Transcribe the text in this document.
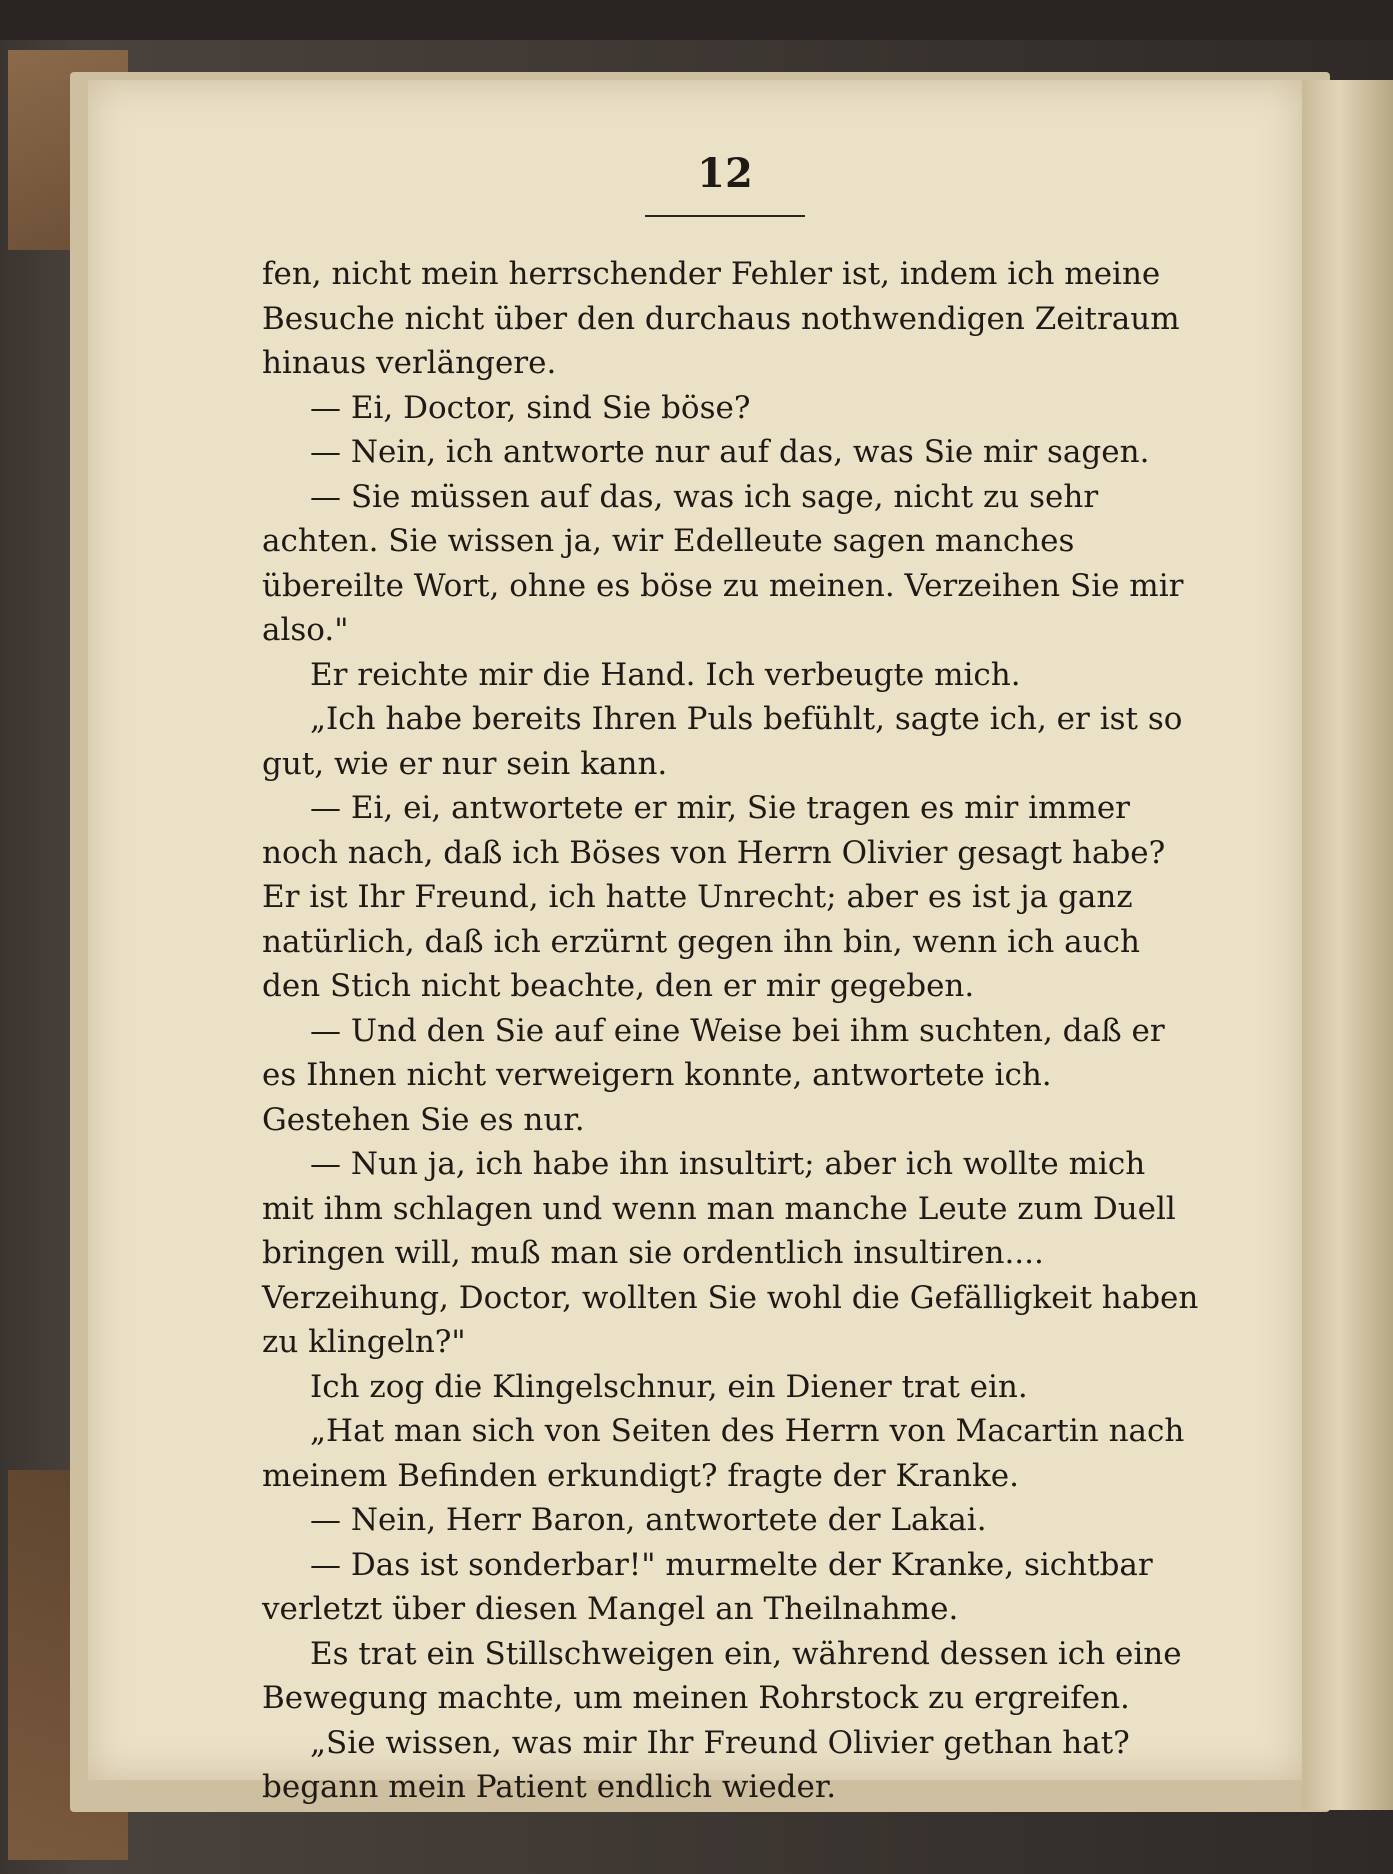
12

fen, nicht mein herrschender Fehler ist, indem ich meine Besuche nicht über den durchaus nothwendigen Zeitraum hinaus verlängere.

— Ei, Doctor, sind Sie böse?

— Nein, ich antworte nur auf das, was Sie mir sagen.

— Sie müssen auf das, was ich sage, nicht zu sehr achten. Sie wissen ja, wir Edelleute sagen manches übereilte Wort, ohne es böse zu meinen. Verzeihen Sie mir also."

Er reichte mir die Hand. Ich verbeugte mich.

„Ich habe bereits Ihren Puls befühlt, sagte ich, er ist so gut, wie er nur sein kann.

— Ei, ei, antwortete er mir, Sie tragen es mir immer noch nach, daß ich Böses von Herrn Olivier gesagt habe? Er ist Ihr Freund, ich hatte Unrecht; aber es ist ja ganz natürlich, daß ich erzürnt gegen ihn bin, wenn ich auch den Stich nicht beachte, den er mir gegeben.

— Und den Sie auf eine Weise bei ihm suchten, daß er es Ihnen nicht verweigern konnte, antwortete ich. Gestehen Sie es nur.

— Nun ja, ich habe ihn insultirt; aber ich wollte mich mit ihm schlagen und wenn man manche Leute zum Duell bringen will, muß man sie ordentlich insultiren.... Verzeihung, Doctor, wollten Sie wohl die Gefälligkeit haben zu klingeln?"

Ich zog die Klingelschnur, ein Diener trat ein.

„Hat man sich von Seiten des Herrn von Macartin nach meinem Befinden erkundigt? fragte der Kranke.

— Nein, Herr Baron, antwortete der Lakai.

— Das ist sonderbar!" murmelte der Kranke, sichtbar verletzt über diesen Mangel an Theilnahme.

Es trat ein Stillschweigen ein, während dessen ich eine Bewegung machte, um meinen Rohrstock zu ergreifen.

„Sie wissen, was mir Ihr Freund Olivier gethan hat? begann mein Patient endlich wieder.
